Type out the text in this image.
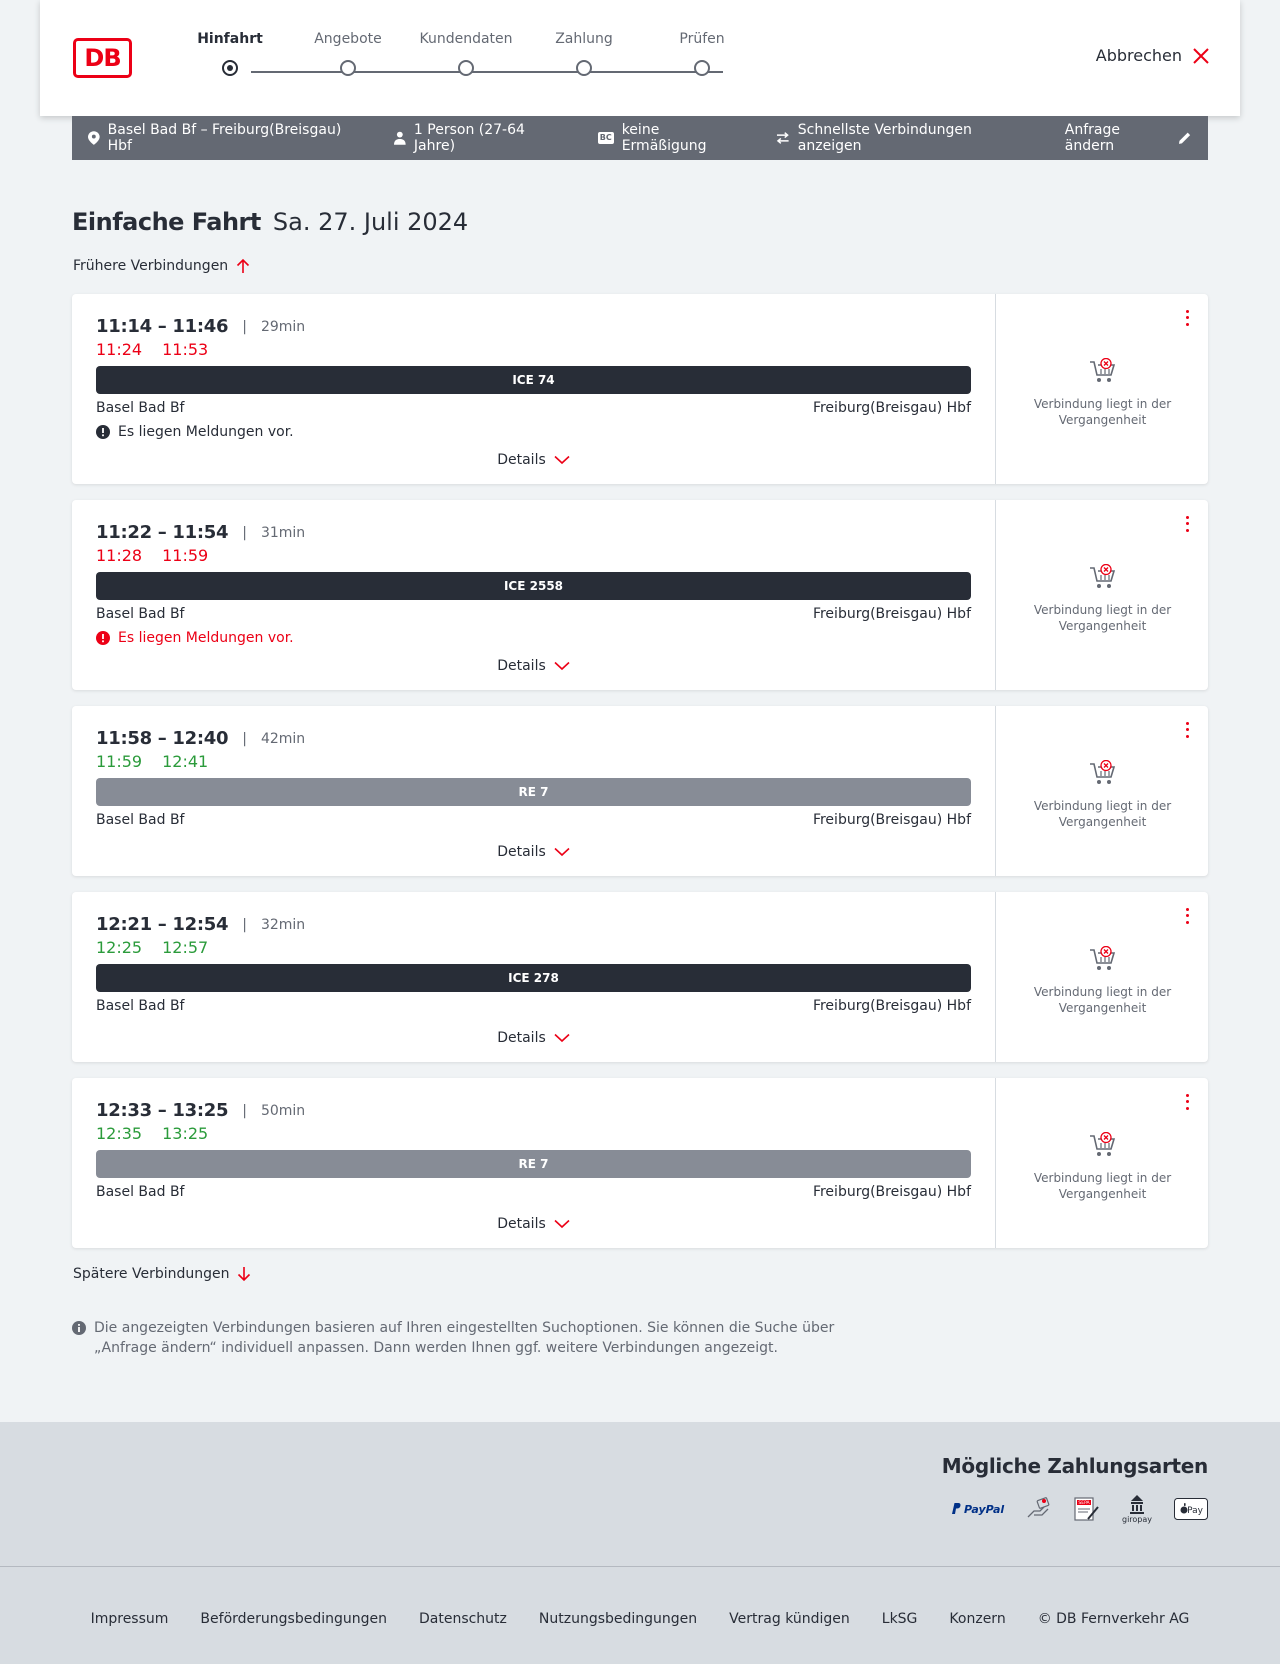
DB
Hinfahrt	Angebote	Kundendaten	Zahlung	Prüfen
Abbrechen
Basel Bad Bf – Freiburg(Breisgau) Hbf
1 Person (27-64 Jahre)
BC keine Ermäßigung
Schnellste Verbindungen anzeigen
Anfrage ändern
Einfache Fahrt Sa. 27. Juli 2024
Frühere Verbindungen
11:14 – 11:46 | 29min
11:24 11:53
ICE 74
Basel Bad Bf	Freiburg(Breisgau) Hbf
Es liegen Meldungen vor.
Details
Verbindung liegt in der Vergangenheit
11:22 – 11:54 | 31min
11:28 11:59
ICE 2558
Basel Bad Bf	Freiburg(Breisgau) Hbf
Es liegen Meldungen vor.
Details
Verbindung liegt in der Vergangenheit
11:58 – 12:40 | 42min
11:59 12:41
RE 7
Basel Bad Bf	Freiburg(Breisgau) Hbf
Details
Verbindung liegt in der Vergangenheit
12:21 – 12:54 | 32min
12:25 12:57
ICE 278
Basel Bad Bf	Freiburg(Breisgau) Hbf
Details
Verbindung liegt in der Vergangenheit
12:33 – 13:25 | 50min
12:35 13:25
RE 7
Basel Bad Bf	Freiburg(Breisgau) Hbf
Details
Verbindung liegt in der Vergangenheit
Spätere Verbindungen
Die angezeigten Verbindungen basieren auf Ihren eingestellten Suchoptionen. Sie können die Suche über „Anfrage ändern“ individuell anpassen. Dann werden Ihnen ggf. weitere Verbindungen angezeigt.
Mögliche Zahlungsarten
PayPal	SEPA
giropay
Pay
Impressum Beförderungsbedingungen Datenschutz Nutzungsbedingungen Vertrag kündigen LkSG Konzern © DB Fernverkehr AG
